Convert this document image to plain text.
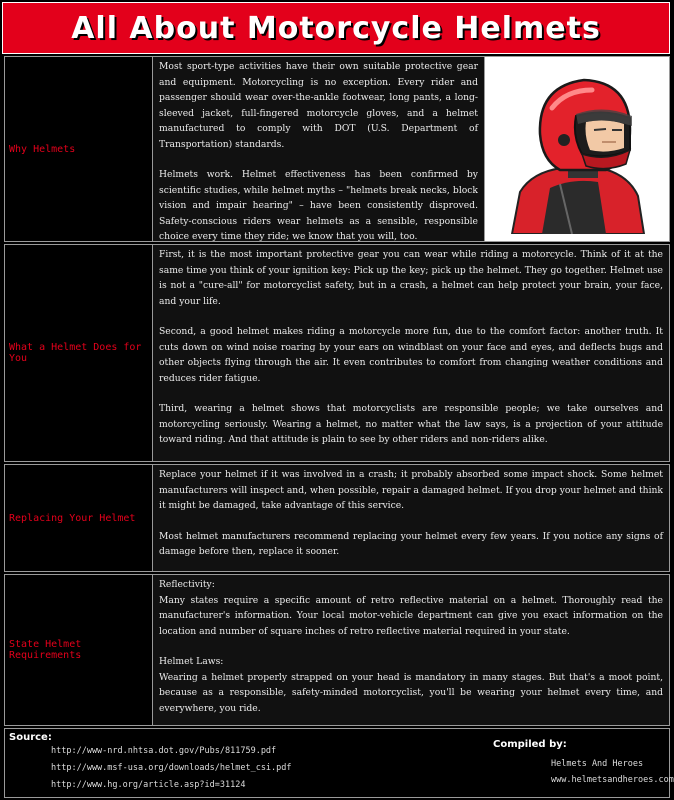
All About Motorcycle Helmets
Why Helmets

Most sport-type activities have their own suitable protective gear and equipment. Motorcycling is no exception. Every rider and passenger should wear over-the-ankle footwear, long pants, a long-sleeved jacket, full-fingered motorcycle gloves, and a helmet manufactured to comply with DOT (U.S. Department of Transportation) standards.

Helmets work. Helmet effectiveness has been confirmed by scientific studies, while helmet myths – "helmets break necks, block vision and impair hearing" – have been consistently disproved. Safety-conscious riders wear helmets as a sensible, responsible choice every time they ride; we know that you will, too.

What a Helmet Does for You

First, it is the most important protective gear you can wear while riding a motorcycle. Think of it at the same time you think of your ignition key: Pick up the key; pick up the helmet. They go together. Helmet use is not a "cure-all" for motorcyclist safety, but in a crash, a helmet can help protect your brain, your face, and your life.

Second, a good helmet makes riding a motorcycle more fun, due to the comfort factor: another truth. It cuts down on wind noise roaring by your ears on windblast on your face and eyes, and deflects bugs and other objects flying through the air. It even contributes to comfort from changing weather conditions and reduces rider fatigue.

Third, wearing a helmet shows that motorcyclists are responsible people; we take ourselves and motorcycling seriously. Wearing a helmet, no matter what the law says, is a projection of your attitude toward riding. And that attitude is plain to see by other riders and non-riders alike.

Replacing Your Helmet

Replace your helmet if it was involved in a crash; it probably absorbed some impact shock. Some helmet manufacturers will inspect and, when possible, repair a damaged helmet. If you drop your helmet and think it might be damaged, take advantage of this service.

Most helmet manufacturers recommend replacing your helmet every few years. If you notice any signs of damage before then, replace it sooner.

State Helmet Requirements
Reflectivity:

Many states require a specific amount of retro reflective material on a helmet. Thoroughly read the manufacturer's information. Your local motor-vehicle department can give you exact information on the location and number of square inches of retro reflective material required in your state.

Helmet Laws:

Wearing a helmet properly strapped on your head is mandatory in many stages. But that's a moot point, because as a responsible, safety-minded motorcyclist, you'll be wearing your helmet every time, and everywhere, you ride.

Source:
http://www-nrd.nhtsa.dot.gov/Pubs/811759.pdf
http://www.msf-usa.org/downloads/helmet_csi.pdf
http://www.hg.org/article.asp?id=31124
Compiled by:
Helmets And Heroes
www.helmetsandheroes.com
